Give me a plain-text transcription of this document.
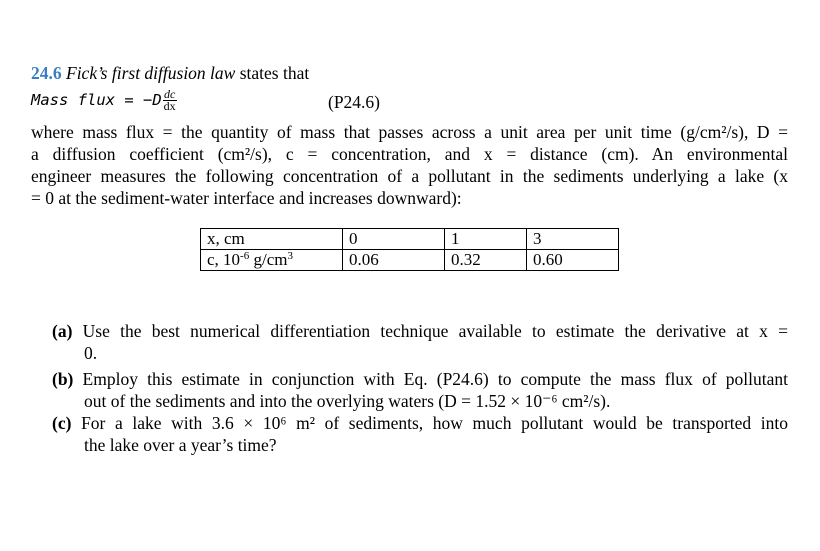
24.6 Fick’s first diffusion law states that
Mass flux = $-D \frac{dc}{dx}$	(P24.6)
where mass flux = the quantity of mass that passes across a unit area per unit time (g/cm²/s), D =
a diffusion coefficient (cm²/s), c = concentration, and x = distance (cm). An environmental
engineer measures the following concentration of a pollutant in the sediments underlying a lake (x
= 0 at the sediment-water interface and increases downward):
x, cm	0	1	3
c, $10^{-6}$ $g/cm^3$	0.06	0.32	0.60
(a) Use the best numerical differentiation technique available to estimate the derivative at x =
0.
(b) Employ this estimate in conjunction with Eq. (P24.6) to compute the mass flux of pollutant
out of the sediments and into the overlying waters (D = 1.52 × 10⁻⁶ cm²/s).
(c) For a lake with 3.6 × 10⁶ m² of sediments, how much pollutant would be transported into
the lake over a year’s time?
